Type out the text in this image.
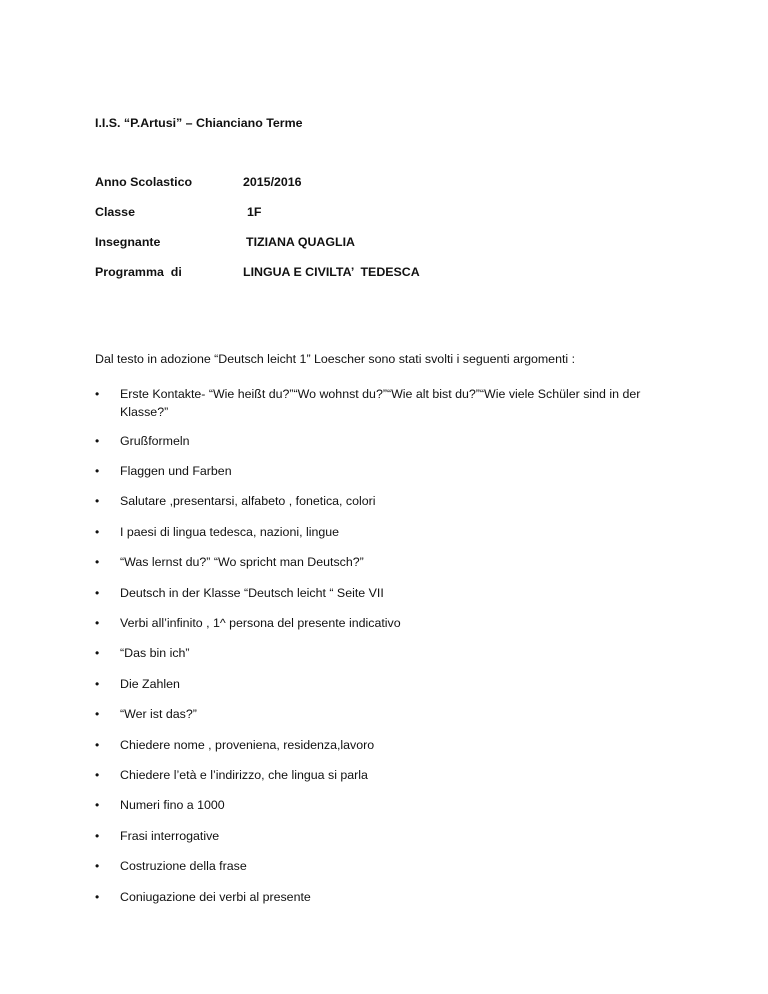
I.I.S. “P.Artusi” – Chianciano Terme
Anno Scolastico	2015/2016
Classe	1F
Insegnante	TIZIANA QUAGLIA
Programma  di	LINGUA E CIVILTA’  TEDESCA
Dal testo in adozione “Deutsch leicht 1” Loescher sono stati svolti i seguenti argomenti :
• Erste Kontakte- “Wie heißt du?”“Wo wohnst du?”“Wie alt bist du?”“Wie viele Schüler sind in der Klasse?”
• Grußformeln
• Flaggen und Farben
• Salutare ,presentarsi, alfabeto , fonetica, colori
• I paesi di lingua tedesca, nazioni, lingue
• “Was lernst du?” “Wo spricht man Deutsch?”
• Deutsch in der Klasse “Deutsch leicht “ Seite VII
• Verbi all’infinito , 1^ persona del presente indicativo
• “Das bin ich”
• Die Zahlen
• “Wer ist das?”
• Chiedere nome , proveniena, residenza,lavoro
• Chiedere l’età e l’indirizzo, che lingua si parla
• Numeri fino a 1000
• Frasi interrogative
• Costruzione della frase
• Coniugazione dei verbi al presente
